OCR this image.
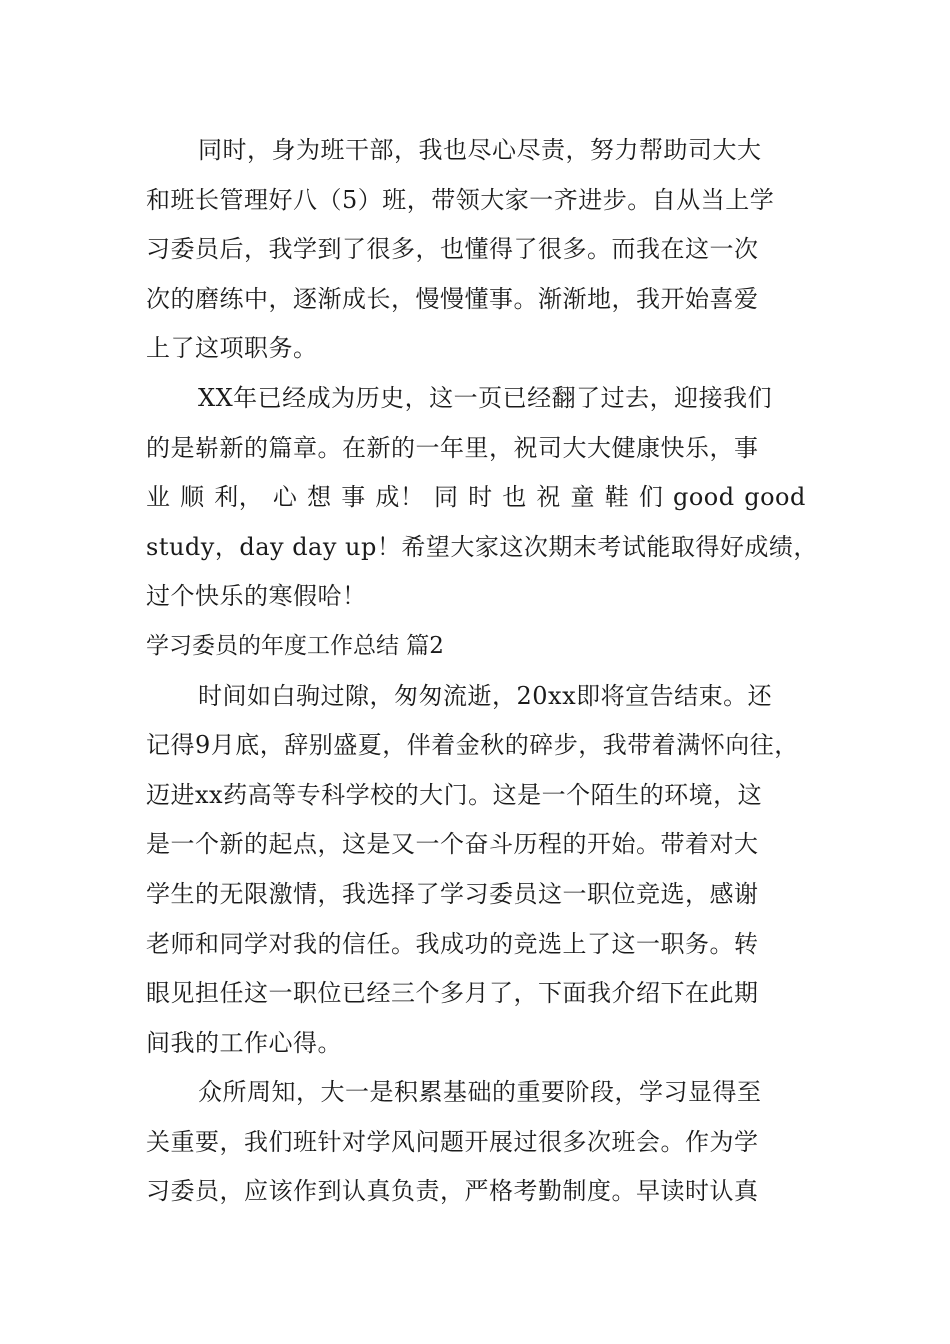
同时，身为班干部，我也尽心尽责，努力帮助司大大
和班长管理好八（5）班，带领大家一齐进步。自从当上学
习委员后，我学到了很多，也懂得了很多。而我在这一次
次的磨练中，逐渐成长，慢慢懂事。渐渐地，我开始喜爱
上了这项职务。
XX年已经成为历史，这一页已经翻了过去，迎接我们
的是崭新的篇章。在新的一年里，祝司大大健康快乐，事
业 顺 利， 心 想 事 成！ 同 时 也 祝 童 鞋 们 good good
study，day day up！希望大家这次期末考试能取得好成绩，
过个快乐的寒假哈！
学习委员的年度工作总结 篇2
时间如白驹过隙，匆匆流逝，20xx即将宣告结束。还
记得9月底，辞别盛夏，伴着金秋的碎步，我带着满怀向往，
迈进xx药高等专科学校的大门。这是一个陌生的环境，这
是一个新的起点，这是又一个奋斗历程的开始。带着对大
学生的无限激情，我选择了学习委员这一职位竞选，感谢
老师和同学对我的信任。我成功的竞选上了这一职务。转
眼见担任这一职位已经三个多月了，下面我介绍下在此期
间我的工作心得。
众所周知，大一是积累基础的重要阶段，学习显得至
关重要，我们班针对学风问题开展过很多次班会。作为学
习委员，应该作到认真负责，严格考勤制度。早读时认真
